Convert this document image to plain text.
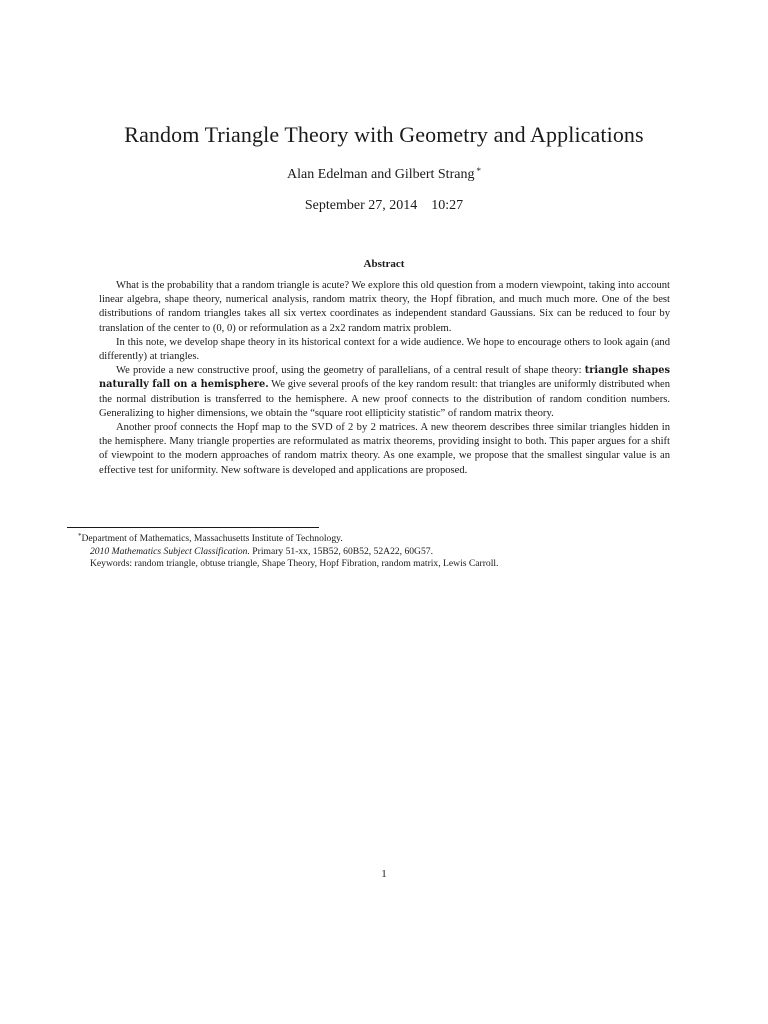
Random Triangle Theory with Geometry and Applications
Alan Edelman and Gilbert Strang *
September 27, 2014    10:27
Abstract

What is the probability that a random triangle is acute? We explore this old question from a modern viewpoint, taking into account linear algebra, shape theory, numerical analysis, random matrix theory, the Hopf fibration, and much much more. One of the best distributions of random triangles takes all six vertex coordinates as independent standard Gaussians. Six can be reduced to four by translation of the center to (0, 0) or reformulation as a 2x2 random matrix problem.

In this note, we develop shape theory in its historical context for a wide audience. We hope to encourage others to look again (and differently) at triangles.

We provide a new constructive proof, using the geometry of parallelians, of a central result of shape theory: triangle shapes naturally fall on a hemisphere. We give several proofs of the key random result: that triangles are uniformly distributed when the normal distribution is transferred to the hemisphere. A new proof connects to the distribution of random condition numbers. Generalizing to higher dimensions, we obtain the “square root ellipticity statistic” of random matrix theory.

Another proof connects the Hopf map to the SVD of 2 by 2 matrices. A new theorem describes three similar triangles hidden in the hemisphere. Many triangle properties are reformulated as matrix theorems, providing insight to both. This paper argues for a shift of viewpoint to the modern approaches of random matrix theory. As one example, we propose that the smallest singular value is an effective test for uniformity. New software is developed and applications are proposed.

*Department of Mathematics, Massachusetts Institute of Technology.
2010 Mathematics Subject Classification. Primary 51-xx, 15B52, 60B52, 52A22, 60G57.
Keywords: random triangle, obtuse triangle, Shape Theory, Hopf Fibration, random matrix, Lewis Carroll.
1
